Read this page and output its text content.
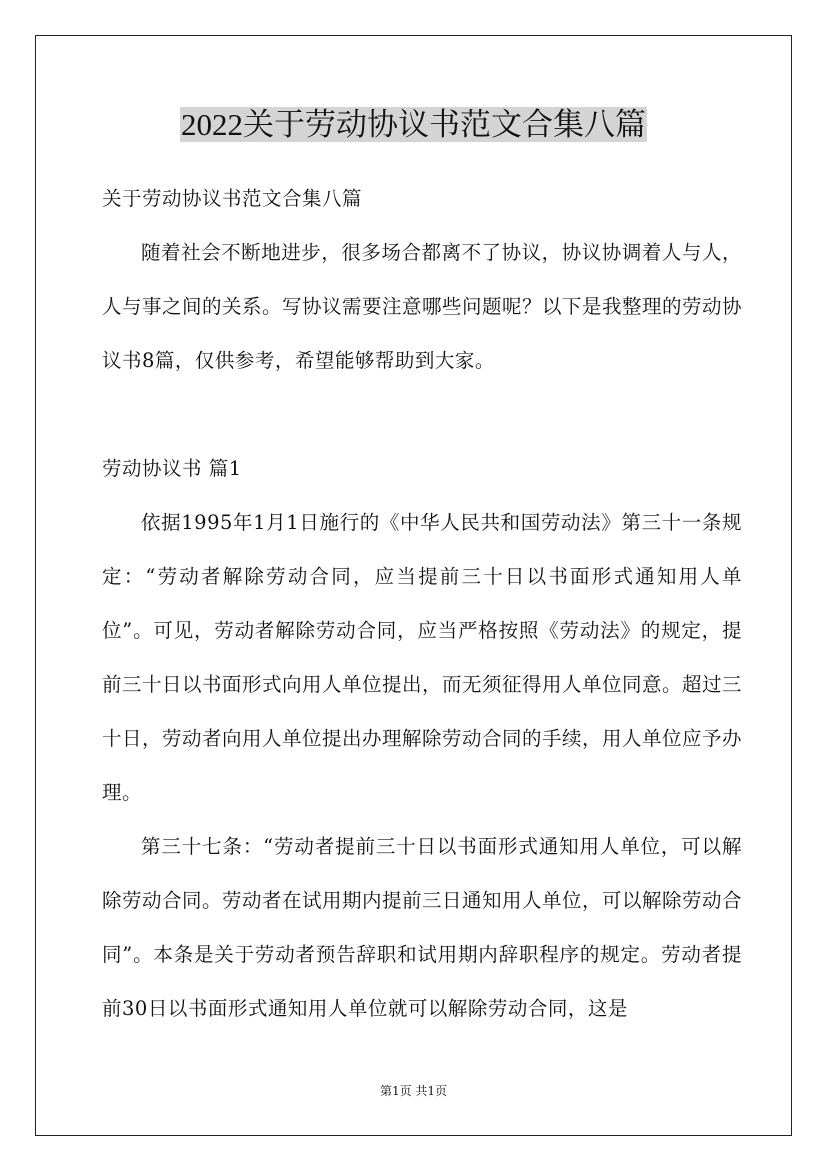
2022关于劳动协议书范文合集八篇

关于劳动协议书范文合集八篇

随着社会不断地进步，很多场合都离不了协议，协议协调着人与人，人与事之间的关系。写协议需要注意哪些问题呢？以下是我整理的劳动协议书8篇，仅供参考，希望能够帮助到大家。

劳动协议书 篇1

依据1995年1月1日施行的《中华人民共和国劳动法》第三十一条规定：“劳动者解除劳动合同，应当提前三十日以书面形式通知用人单位”。可见，劳动者解除劳动合同，应当严格按照《劳动法》的规定，提前三十日以书面形式向用人单位提出，而无须征得用人单位同意。超过三十日，劳动者向用人单位提出办理解除劳动合同的手续，用人单位应予办理。

第三十七条：“劳动者提前三十日以书面形式通知用人单位，可以解除劳动合同。劳动者在试用期内提前三日通知用人单位，可以解除劳动合同”。本条是关于劳动者预告辞职和试用期内辞职程序的规定。劳动者提前30日以书面形式通知用人单位就可以解除劳动合同，这是

第1页 共1页
